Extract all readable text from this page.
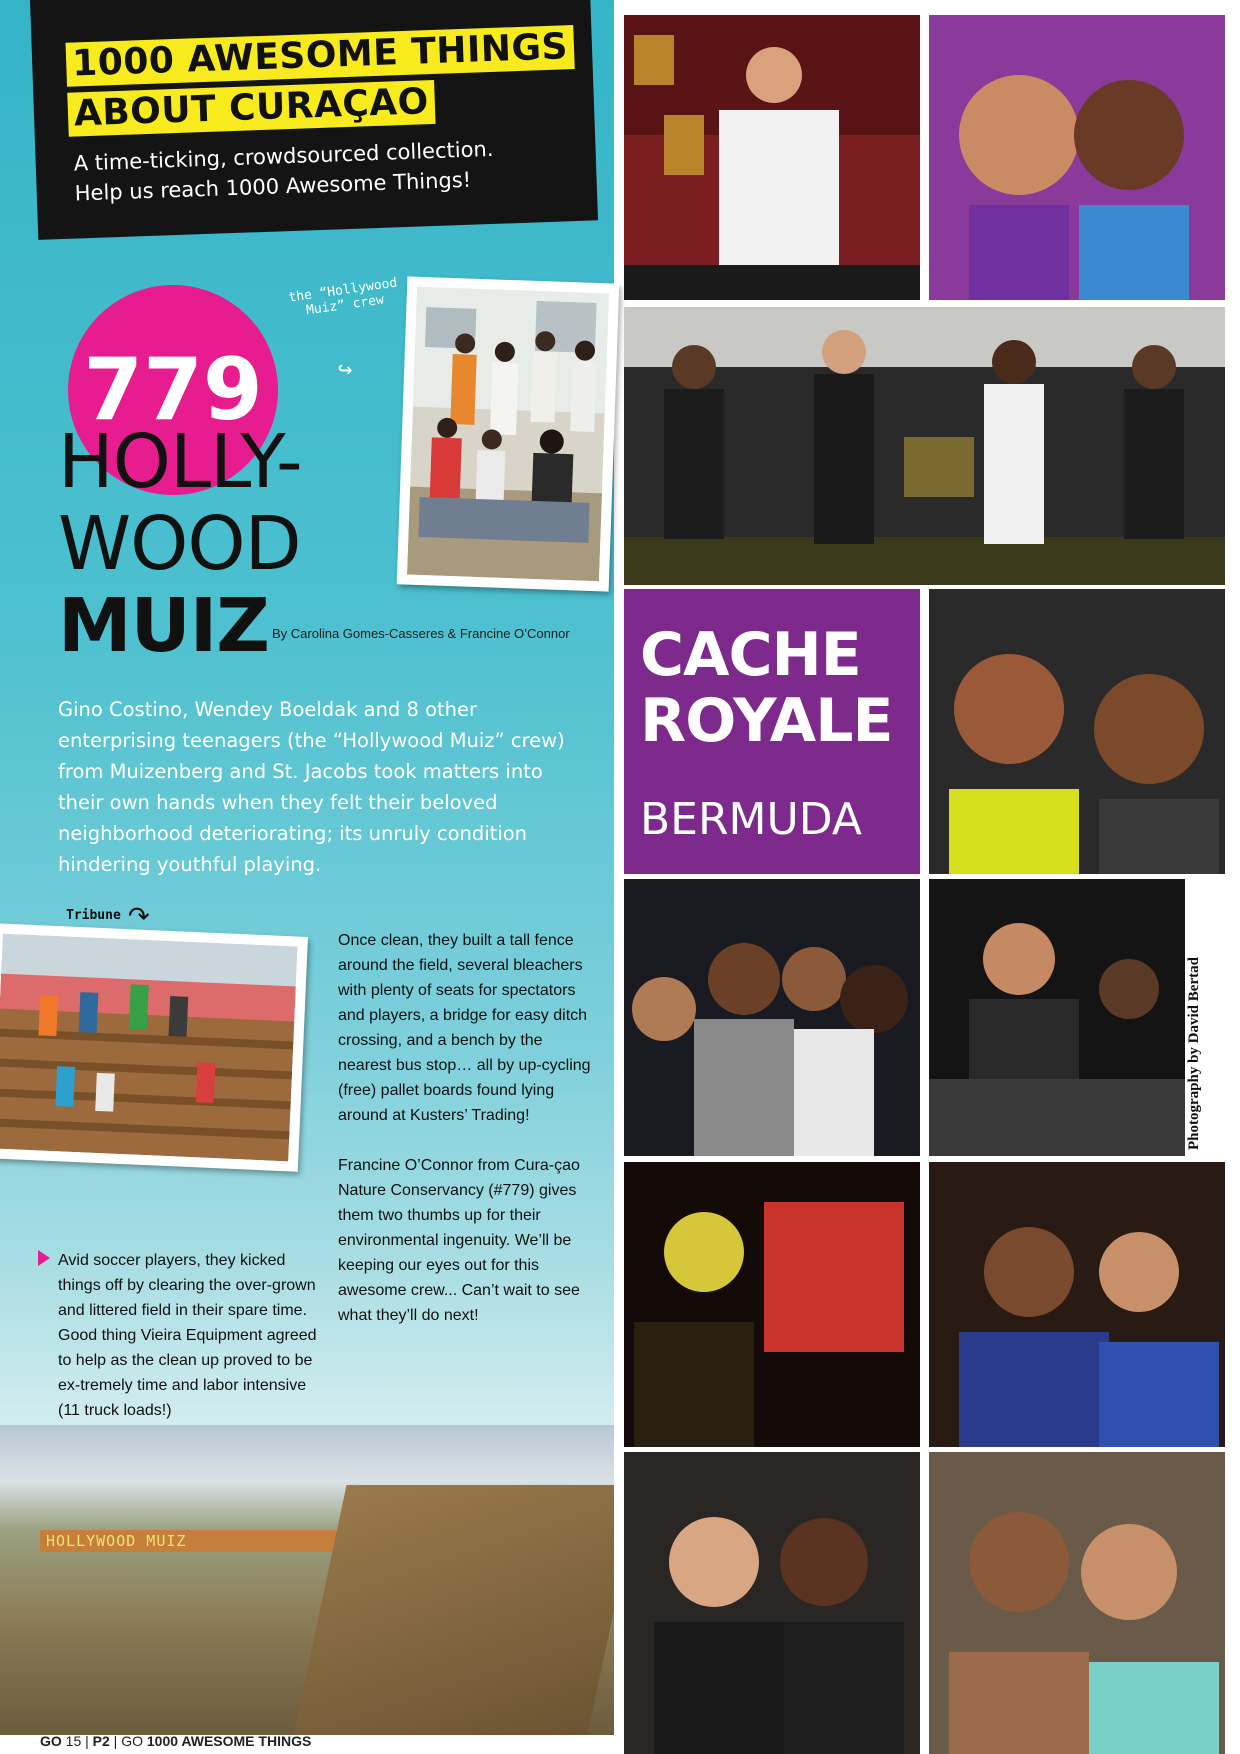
1000 AWESOME THINGS
ABOUT CURAÇAO
A time-ticking, crowdsourced collection.
Help us reach 1000 Awesome Things!
779
HOLLY-
WOOD
MUIZ By Carolina Gomes-Casseres & Francine O’Connor
the “Hollywood Muiz” crew
↪
Gino Costino, Wendey Boeldak and 8 other enterprising teenagers (the “Hollywood Muiz” crew) from Muizenberg and St. Jacobs took matters into their own hands when they felt their beloved neighborhood deteriorating; its unruly condition hindering youthful playing.
Tribune ↷
Once clean, they built a tall fence around the field, several bleachers with plenty of seats for spectators and players, a bridge for easy ditch crossing, and a bench by the nearest bus stop… all by up-cycling (free) pallet boards found lying around at Kusters’ Trading!
Francine O’Connor from Cura-çao Nature Conservancy (#779) gives them two thumbs up for their environmental ingenuity. We’ll be keeping our eyes out for this awesome crew... Can’t wait to see what they’ll do next!
Avid soccer players, they kicked things off by clearing the over-grown and littered field in their spare time. Good thing Vieira Equipment agreed to help as the clean up proved to be ex-tremely time and labor intensive (11 truck loads!)
HOLLYWOOD MUIZ
GO 15 | P2 | GO 1000 AWESOME THINGS
CACHE
ROYALE
BERMUDA
Photography by David Bertad
